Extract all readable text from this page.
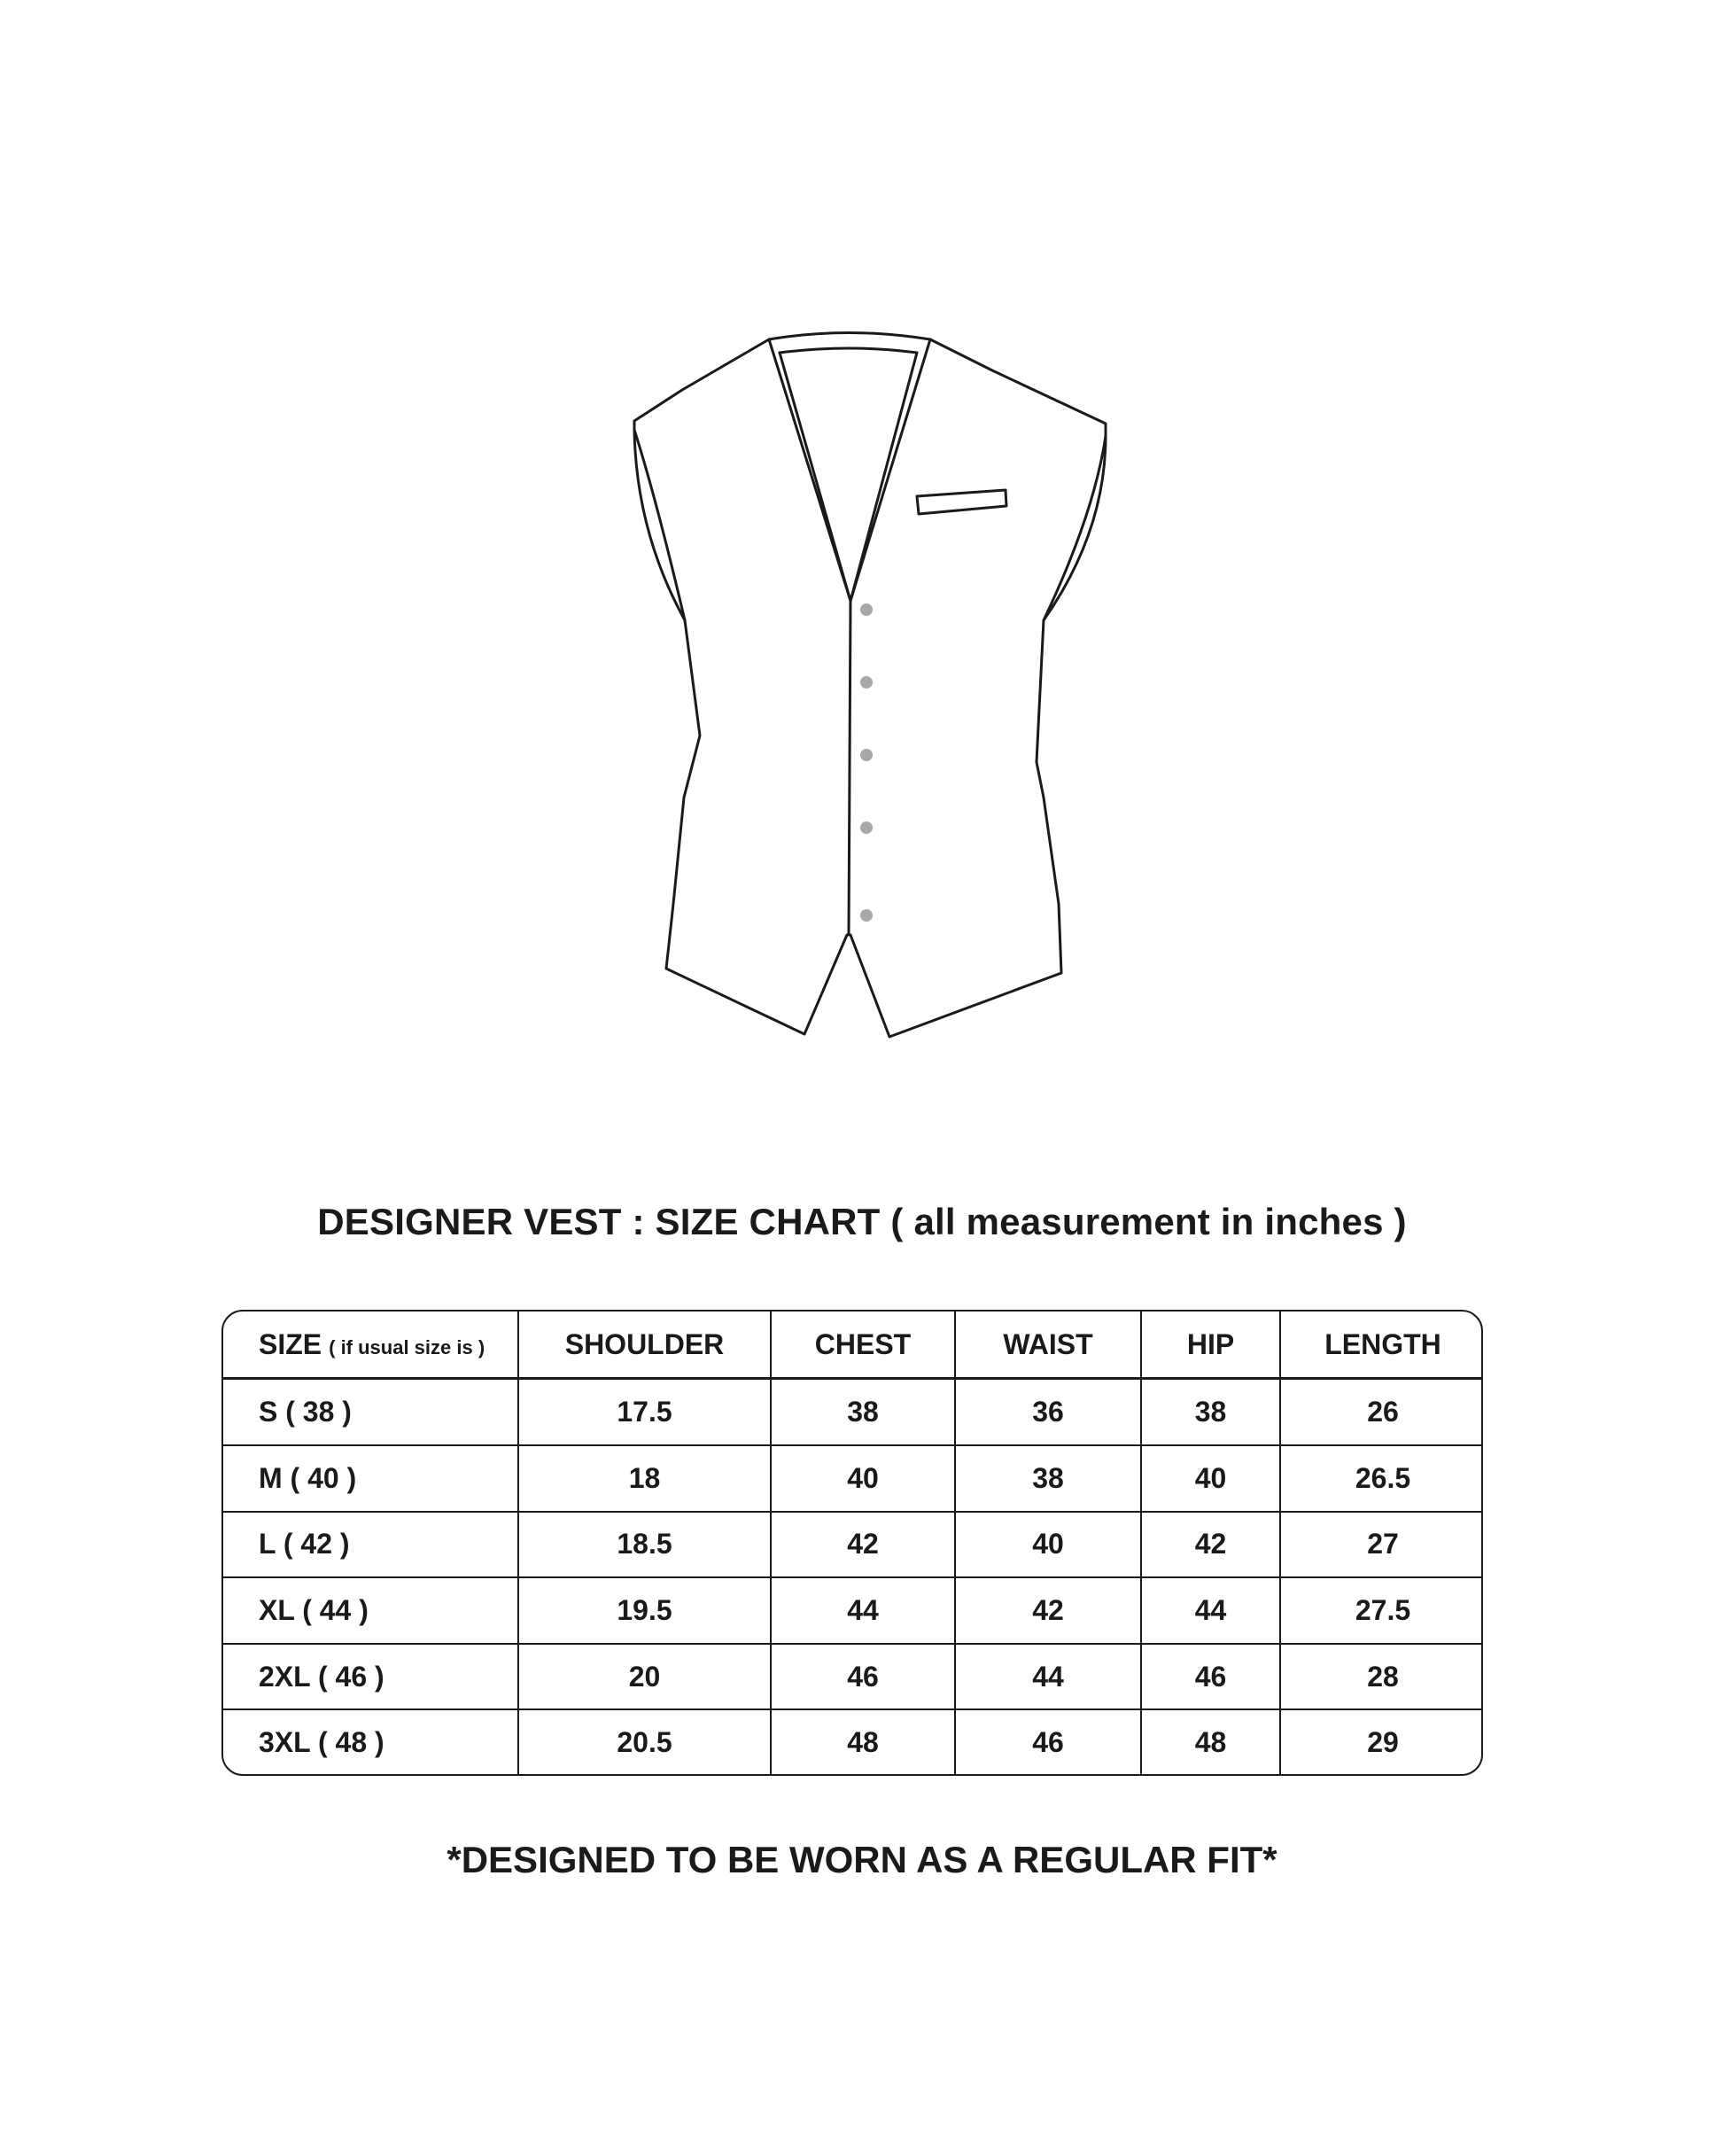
DESIGNER VEST : SIZE CHART ( all measurement in inches )
SIZE ( if usual size is )	SHOULDER	CHEST	WAIST	HIP	LENGTH
S ( 38 )	17.5	38	36	38	26
M ( 40 )	18	40	38	40	26.5
L ( 42 )	18.5	42	40	42	27
XL ( 44 )	19.5	44	42	44	27.5
2XL ( 46 )	20	46	44	46	28
3XL ( 48 )	20.5	48	46	48	29
*DESIGNED TO BE WORN AS A REGULAR FIT*
